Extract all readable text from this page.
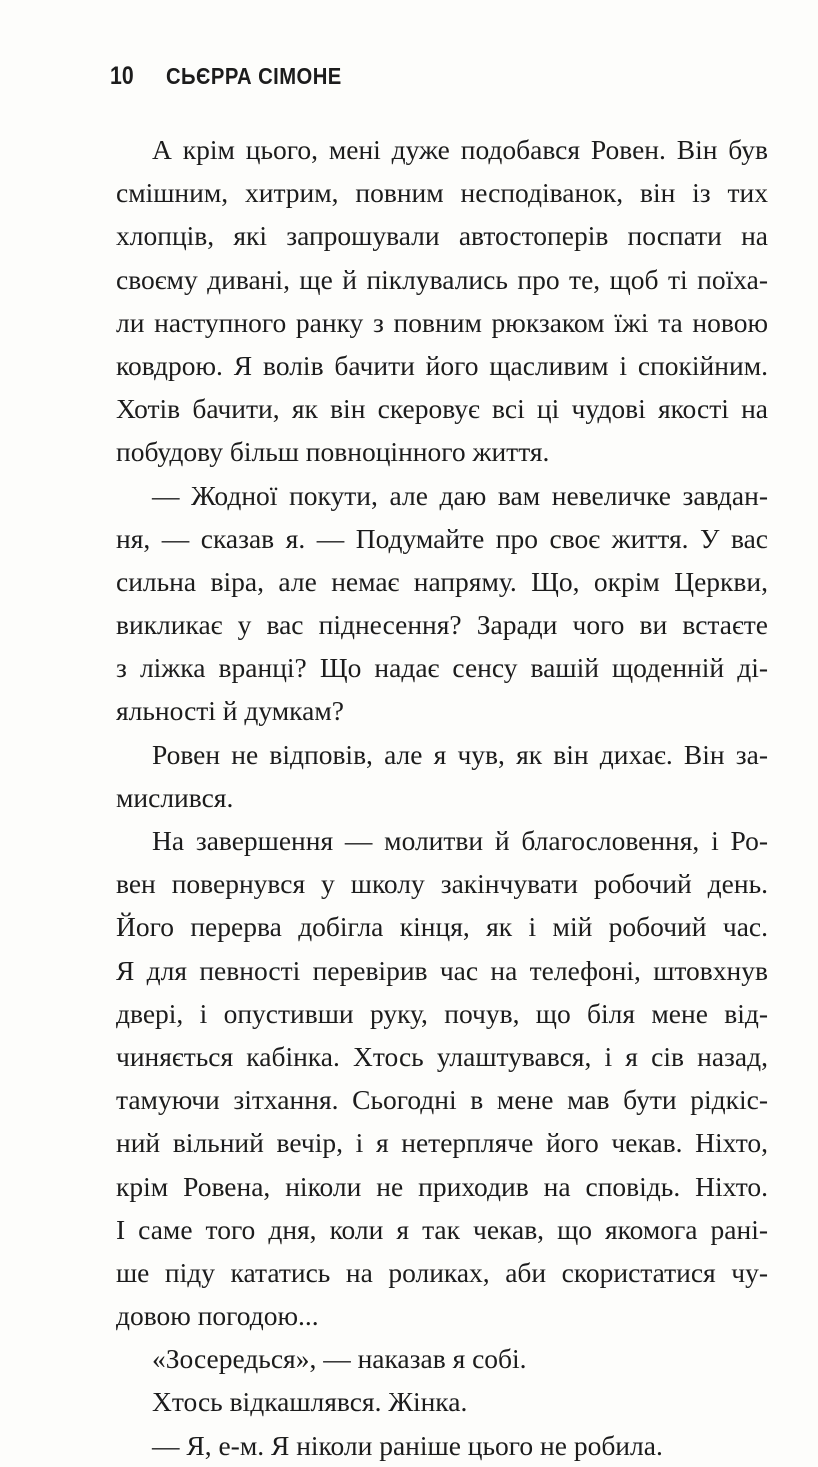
10 СЬЄРРА СІМОНЕ
А крім цього, мені дуже подобався Ровен. Він був
смішним, хитрим, повним несподіванок, він із тих
хлопців, які запрошували автостоперів поспати на
своєму дивані, ще й піклувались про те, щоб ті поїха-
ли наступного ранку з повним рюкзаком їжі та новою
ковдрою. Я волів бачити його щасливим і спокійним.
Хотів бачити, як він скеровує всі ці чудові якості на
побудову більш повноцінного життя.
— Жодної покути, але даю вам невеличке завдан-
ня, — сказав я. — Подумайте про своє життя. У вас
сильна віра, але немає напряму. Що, окрім Церкви,
викликає у вас піднесення? Заради чого ви встаєте
з ліжка вранці? Що надає сенсу вашій щоденній ді-
яльності й думкам?
Ровен не відповів, але я чув, як він дихає. Він за-
мислився.
На завершення — молитви й благословення, і Ро-
вен повернувся у школу закінчувати робочий день.
Його перерва добігла кінця, як і мій робочий час.
Я для певності перевірив час на телефоні, штовхнув
двері, і опустивши руку, почув, що біля мене від-
чиняється кабінка. Хтось улаштувався, і я сів назад,
тамуючи зітхання. Сьогодні в мене мав бути рідкіс-
ний вільний вечір, і я нетерпляче його чекав. Ніхто,
крім Ровена, ніколи не приходив на сповідь. Ніхто.
І саме того дня, коли я так чекав, що якомога рані-
ше піду кататись на роликах, аби скористатися чу-
довою погодою...
«Зосередься», — наказав я собі.
Хтось відкашлявся. Жінка.
— Я, е-м. Я ніколи раніше цього не робила.
